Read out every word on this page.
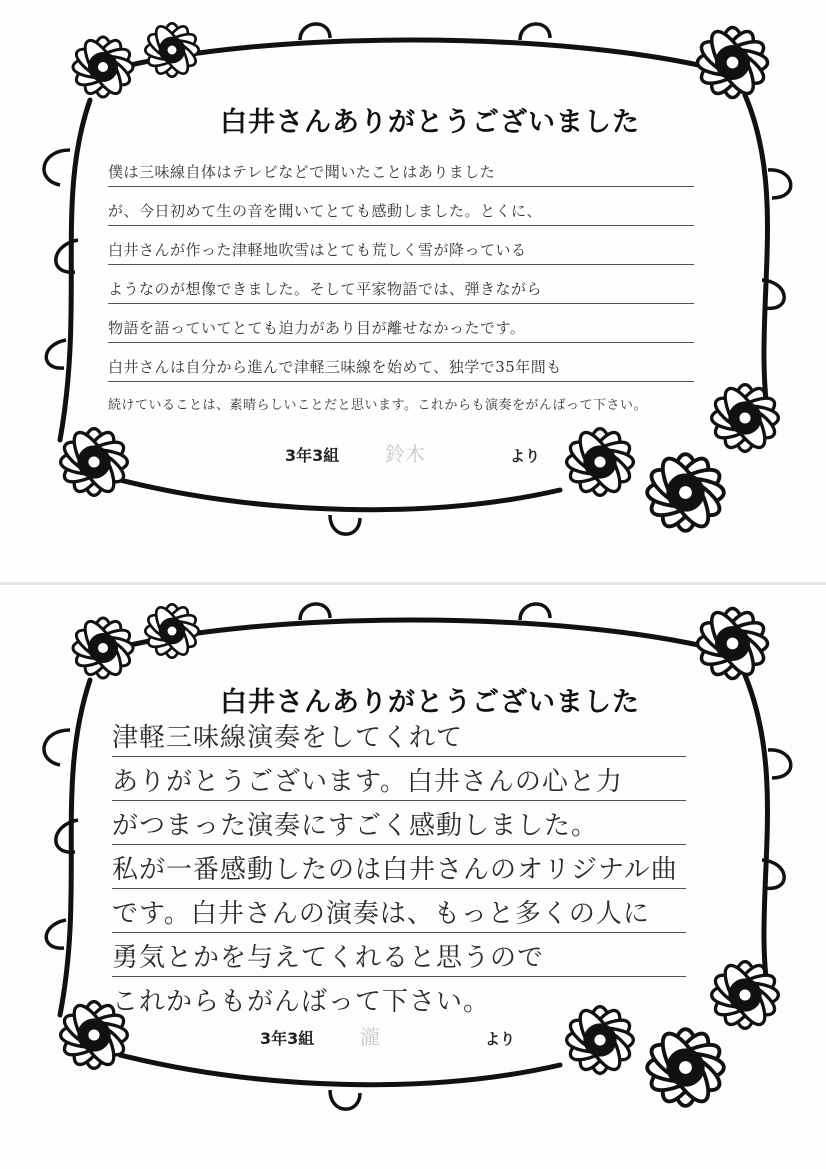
白井さんありがとうございました
僕は三味線自体はテレビなどで聞いたことはありました
が、今日初めて生の音を聞いてとても感動しました。とくに、
白井さんが作った津軽地吹雪はとても荒しく雪が降っている
ようなのが想像できました。そして平家物語では、弾きながら
物語を語っていてとても迫力があり目が離せなかったです。
白井さんは自分から進んで津軽三味線を始めて、独学で35年間も
続けていることは、素晴らしいことだと思います。これからも演奏をがんばって下さい。
3年3組	鈴木	より
白井さんありがとうございました
津軽三味線演奏をしてくれて
ありがとうございます。白井さんの心と力
がつまった演奏にすごく感動しました。
私が一番感動したのは白井さんのオリジナル曲
です。白井さんの演奏は、もっと多くの人に
勇気とかを与えてくれると思うので
これからもがんばって下さい。
3年3組	瀧	より
